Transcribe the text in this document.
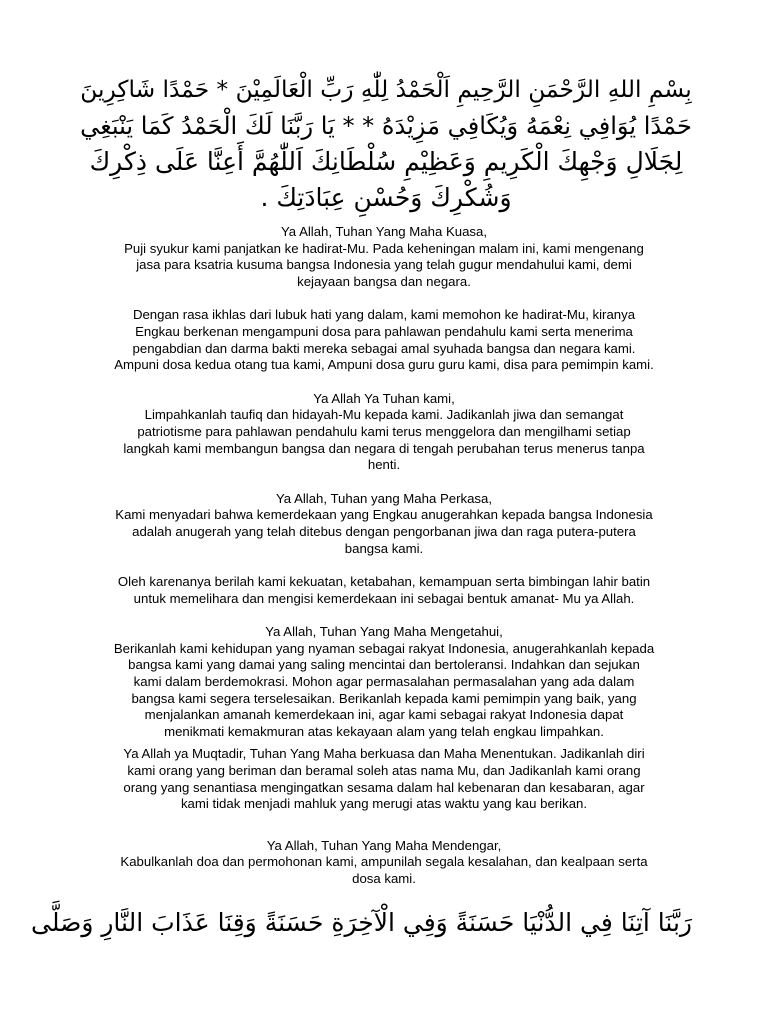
بِسْمِ اللهِ الرَّحْمَنِ الرَّحِيمِ اَلْحَمْدُ لِلّٰهِ رَبِّ الْعَالَمِيْنَ * حَمْدًا شَاكِرِينَ
حَمْدًا يُوَافِي نِعْمَهُ وَيُكَافِي مَزِيْدَهُ * * يَا رَبَّنَا لَكَ الْحَمْدُ كَمَا يَنْبَغِي
لِجَلَالِ وَجْهِكَ الْكَرِيمِ وَعَظِيْمِ سُلْطَانِكَ اَللّٰهُمَّ أَعِنَّا عَلَى ذِكْرِكَ
وَشُكْرِكَ وَحُسْنِ عِبَادَتِكَ .

Ya Allah, Tuhan Yang Maha Kuasa,
Puji syukur kami panjatkan ke hadirat-Mu. Pada keheningan malam ini, kami mengenang
jasa para ksatria kusuma bangsa Indonesia yang telah gugur mendahului kami, demi
kejayaan bangsa dan negara.

Dengan rasa ikhlas dari lubuk hati yang dalam, kami memohon ke hadirat-Mu, kiranya
Engkau berkenan mengampuni dosa para pahlawan pendahulu kami serta menerima
pengabdian dan darma bakti mereka sebagai amal syuhada bangsa dan negara kami.
Ampuni dosa kedua otang tua kami, Ampuni dosa guru guru kami, disa para pemimpin kami.

Ya Allah Ya Tuhan kami,
Limpahkanlah taufiq dan hidayah-Mu kepada kami. Jadikanlah jiwa dan semangat
patriotisme para pahlawan pendahulu kami terus menggelora dan mengilhami setiap
langkah kami membangun bangsa dan negara di tengah perubahan terus menerus tanpa
henti.

Ya Allah, Tuhan yang Maha Perkasa,
Kami menyadari bahwa kemerdekaan yang Engkau anugerahkan kepada bangsa Indonesia
adalah anugerah yang telah ditebus dengan pengorbanan jiwa dan raga putera-putera
bangsa kami.

Oleh karenanya berilah kami kekuatan, ketabahan, kemampuan serta bimbingan lahir batin
untuk memelihara dan mengisi kemerdekaan ini sebagai bentuk amanat- Mu ya Allah.

Ya Allah, Tuhan Yang Maha Mengetahui,
Berikanlah kami kehidupan yang nyaman sebagai rakyat Indonesia, anugerahkanlah kepada
bangsa kami yang damai yang saling mencintai dan bertoleransi. Indahkan dan sejukan
kami dalam berdemokrasi. Mohon agar permasalahan permasalahan yang ada dalam
bangsa kami segera terselesaikan. Berikanlah kepada kami pemimpin yang baik, yang
menjalankan amanah kemerdekaan ini, agar kami sebagai rakyat Indonesia dapat
menikmati kemakmuran atas kekayaan alam yang telah engkau limpahkan.

Ya Allah ya Muqtadir, Tuhan Yang Maha berkuasa dan Maha Menentukan. Jadikanlah diri
kami orang yang beriman dan beramal soleh atas nama Mu, dan Jadikanlah kami orang
orang yang senantiasa mengingatkan sesama dalam hal kebenaran dan kesabaran, agar
kami tidak menjadi mahluk yang merugi atas waktu yang kau berikan.

Ya Allah, Tuhan Yang Maha Mendengar,
Kabulkanlah doa dan permohonan kami, ampunilah segala kesalahan, dan kealpaan serta
dosa kami.

رَبَّنَا آتِنَا فِي الدُّنْيَا حَسَنَةً وَفِي الْآخِرَةِ حَسَنَةً وَقِنَا عَذَابَ النَّارِ وَصَلَّى
